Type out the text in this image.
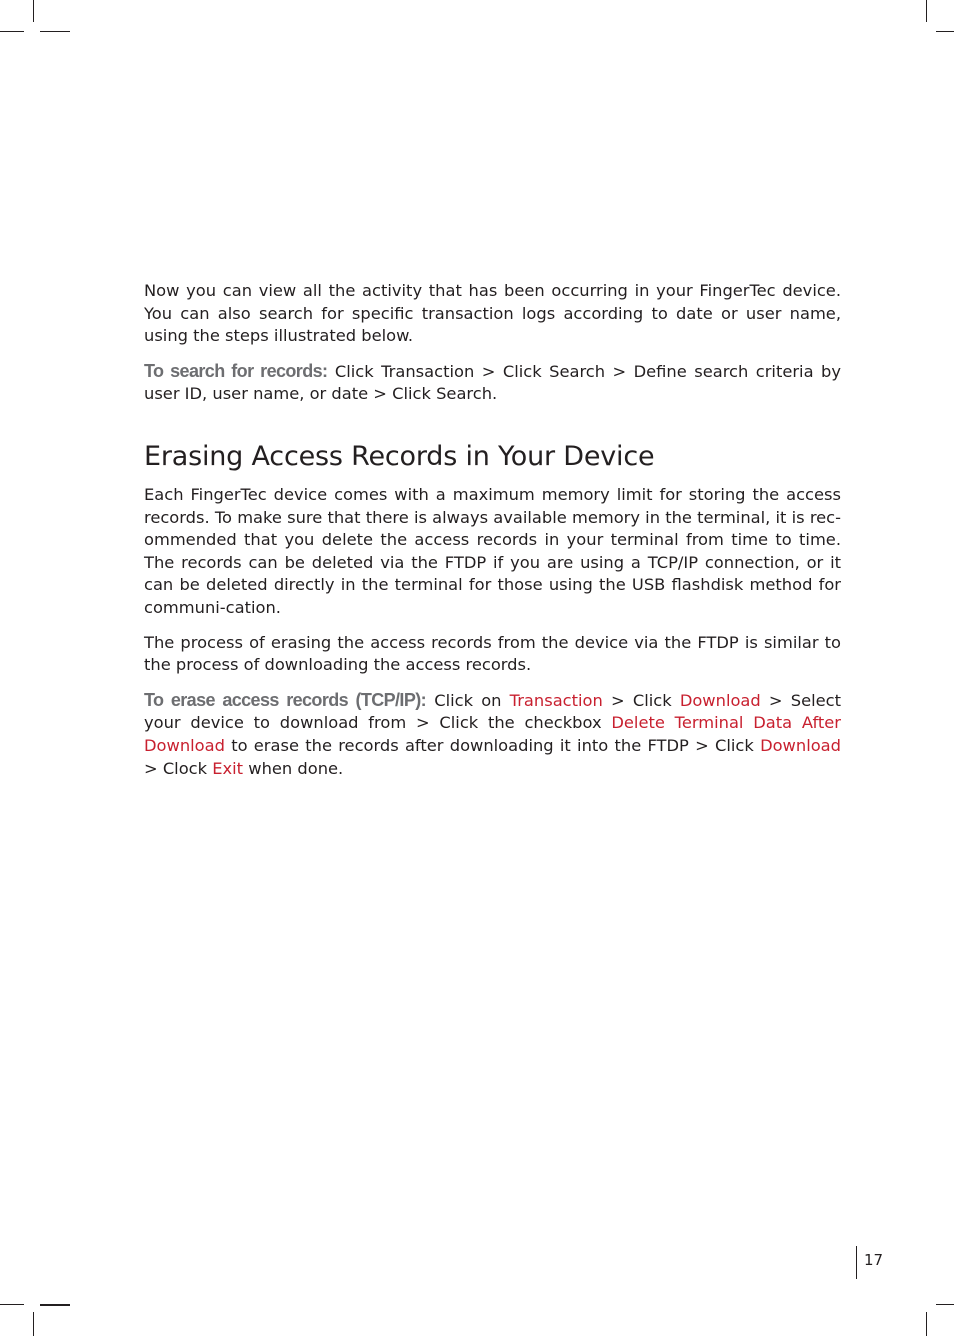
Now you can view all the activity that has been occurring in your FingerTec device. You can also search for specific transaction logs according to date or user name, using the steps illustrated below.

To search for records: Click Transaction > Click Search > Define search criteria by user ID, user name, or date > Click Search.

Erasing Access Records in Your Device

Each FingerTec device comes with a maximum memory limit for storing the access records. To make sure that there is always available memory in the terminal, it is rec-ommended that you delete the access records in your terminal from time to time. The records can be deleted via the FTDP if you are using a TCP/IP connection, or it can be deleted directly in the terminal for those using the USB flashdisk method for communi-cation.

The process of erasing the access records from the device via the FTDP is similar to the process of downloading the access records.

To erase access records (TCP/IP): Click on Transaction > Click Download > Select your device to download from > Click the checkbox Delete Terminal Data After Download to erase the records after downloading it into the FTDP > Click Download > Clock Exit when done.

17
